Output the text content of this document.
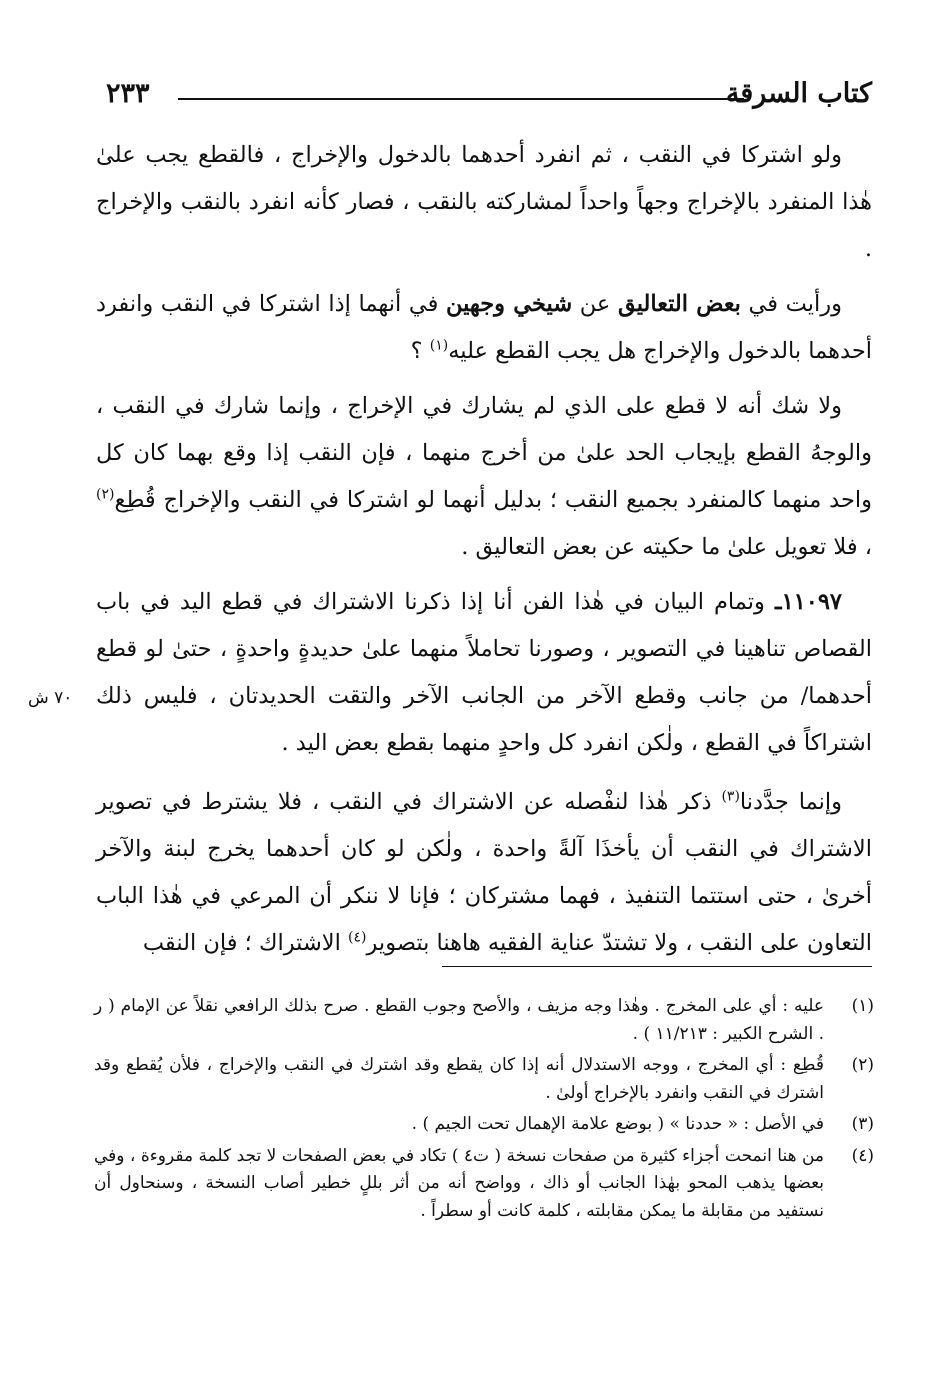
كتاب السرقة
٢٣٣

ولو اشتركا في النقب ، ثم انفرد أحدهما بالدخول والإخراج ، فالقطع يجب علىٰ هٰذا المنفرد بالإخراج وجهاً واحداً لمشاركته بالنقب ، فصار كأنه انفرد بالنقب والإخراج .

ورأيت في بعض التعاليق عن شيخي وجهين في أنهما إذا اشتركا في النقب وانفرد أحدهما بالدخول والإخراج هل يجب القطع عليه$^{(١)}$ ؟

ولا شك أنه لا قطع على الذي لم يشارك في الإخراج ، وإنما شارك في النقب ، والوجهُ القطع بإيجاب الحد علىٰ من أخرج منهما ، فإن النقب إذا وقع بهما كان كل واحد منهما كالمنفرد بجميع النقب ؛ بدليل أنهما لو اشتركا في النقب والإخراج قُطِع$^{(٢)}$ ، فلا تعويل علىٰ ما حكيته عن بعض التعاليق .

١١٠٩٧ـ وتمام البيان في هٰذا الفن أنا إذا ذكرنا الاشتراك في قطع اليد في باب القصاص تناهينا في التصوير ، وصورنا تحاملاً منهما علىٰ حديدةٍ واحدةٍ ، حتىٰ لو قطع أحدهما/ من جانب وقطع الآخر من الجانب الآخر والتقت الحديدتان ، فليس ذلك اشتراكاً في القطع ، ولٰكن انفرد كل واحدٍ منهما بقطع بعض اليد .

وإنما جدَّدنا$^{(٣)}$ ذكر هٰذا لنفْصله عن الاشتراك في النقب ، فلا يشترط في تصوير الاشتراك في النقب أن يأخذَا آلةً واحدة ، ولٰكن لو كان أحدهما يخرج لبنة والآخر أخرىٰ ، حتى استتما التنفيذ ، فهما مشتركان ؛ فإنا لا ننكر أن المرعي في هٰذا الباب التعاون على النقب ، ولا تشتدّ عناية الفقيه هاهنا بتصوير$^{(٤)}$ الاشتراك ؛ فإن النقب

٧٠ ش
(١)
عليه : أي على المخرج . وهٰذا وجه مزيف ، والأصح وجوب القطع . صرح بذلك الرافعي نقلاً عن الإمام ( ر . الشرح الكبير : ١١/٢١٣ ) .
(٢)
قُطِع : أي المخرج ، ووجه الاستدلال أنه إذا كان يقطع وقد اشترك في النقب والإخراج ، فلأن يُقطع وقد اشترك في النقب وانفرد بالإخراج أولىٰ .
(٣)
في الأصل : « حددنا » ( بوضع علامة الإهمال تحت الجيم ) .
(٤)
من هنا انمحت أجزاء كثيرة من صفحات نسخة ( ت٤ ) تكاد في بعض الصفحات لا تجد كلمة مقروءة ، وفي بعضها يذهب المحو بهٰذا الجانب أو ذاك ، وواضح أنه من أثر بللٍ خطير أصاب النسخة ، وسنحاول أن نستفيد من مقابلة ما يمكن مقابلته ، كلمة كانت أو سطراً .
